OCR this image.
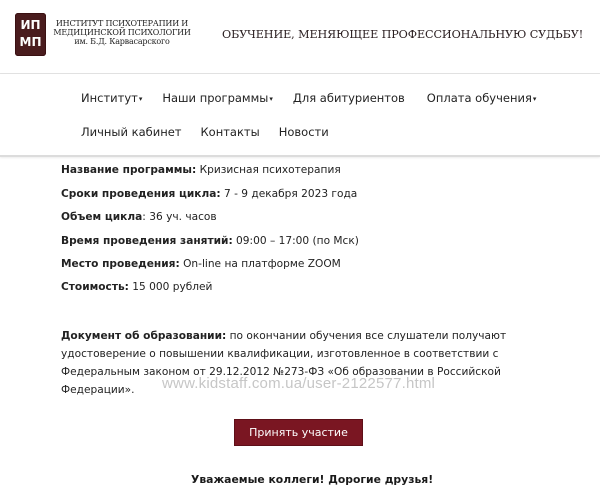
ИП
МП
ИНСТИТУТ ПСИХОТЕРАПИИ И
МЕДИЦИНСКОЙ ПСИХОЛОГИИ
им. Б.Д. Карвасарского
ОБУЧЕНИЕ, МЕНЯЮЩЕЕ ПРОФЕССИОНАЛЬНУЮ СУДЬБУ!
Институт▾ Наши программы▾ Для абитуриентов Оплата обучения▾
Личный кабинет Контакты Новости
Название программы: Кризисная психотерапия
Сроки проведения цикла: 7 - 9 декабря 2023 года
Объем цикла: 36 уч. часов
Время проведения занятий: 09:00 – 17:00 (по Мск)
Место проведения: On-line на платформе ZOOM
Стоимость: 15 000 рублей
Документ об образовании: по окончании обучения все слушатели получают удостоверение о повышении квалификации, изготовленное в соответствии с Федеральным законом от 29.12.2012 №273-ФЗ «Об образовании в Российской Федерации».	www.kidstaff.com.ua/user-2122577.html
Принять участие
Уважаемые коллеги! Дорогие друзья!
